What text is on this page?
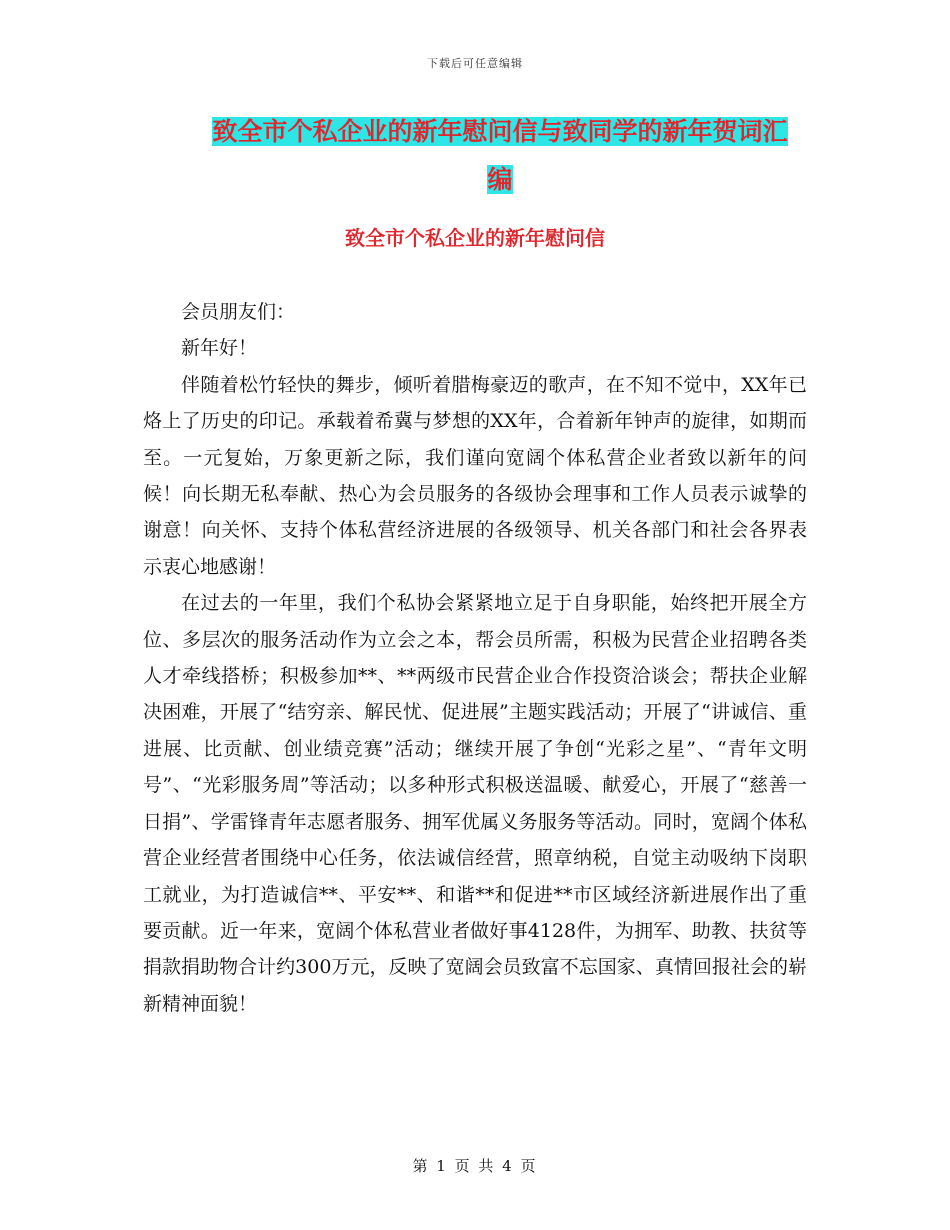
下载后可任意编辑
致全市个私企业的新年慰问信与致同学的新年贺词汇
编
致全市个私企业的新年慰问信

会员朋友们：

新年好！

伴随着松竹轻快的舞步，倾听着腊梅豪迈的歌声，在不知不觉中，XX年已烙上了历史的印记。承载着希冀与梦想的XX年，合着新年钟声的旋律，如期而至。一元复始，万象更新之际，我们谨向宽阔个体私营企业者致以新年的问候！向长期无私奉献、热心为会员服务的各级协会理事和工作人员表示诚挚的谢意！向关怀、支持个体私营经济进展的各级领导、机关各部门和社会各界表示衷心地感谢！

在过去的一年里，我们个私协会紧紧地立足于自身职能，始终把开展全方位、多层次的服务活动作为立会之本，帮会员所需，积极为民营企业招聘各类人才牵线搭桥；积极参加**、**两级市民营企业合作投资洽谈会；帮扶企业解决困难，开展了“结穷亲、解民忧、促进展”主题实践活动；开展了“讲诚信、重进展、比贡献、创业绩竞赛”活动；继续开展了争创“光彩之星”、“青年文明号”、“光彩服务周”等活动；以多种形式积极送温暖、献爱心，开展了“慈善一日捐”、学雷锋青年志愿者服务、拥军优属义务服务等活动。同时，宽阔个体私营企业经营者围绕中心任务，依法诚信经营，照章纳税，自觉主动吸纳下岗职工就业，为打造诚信**、平安**、和谐**和促进**市区域经济新进展作出了重要贡献。近一年来，宽阔个体私营业者做好事4128件，为拥军、助教、扶贫等捐款捐助物合计约300万元，反映了宽阔会员致富不忘国家、真情回报社会的崭新精神面貌！

第 1 页 共 4 页
